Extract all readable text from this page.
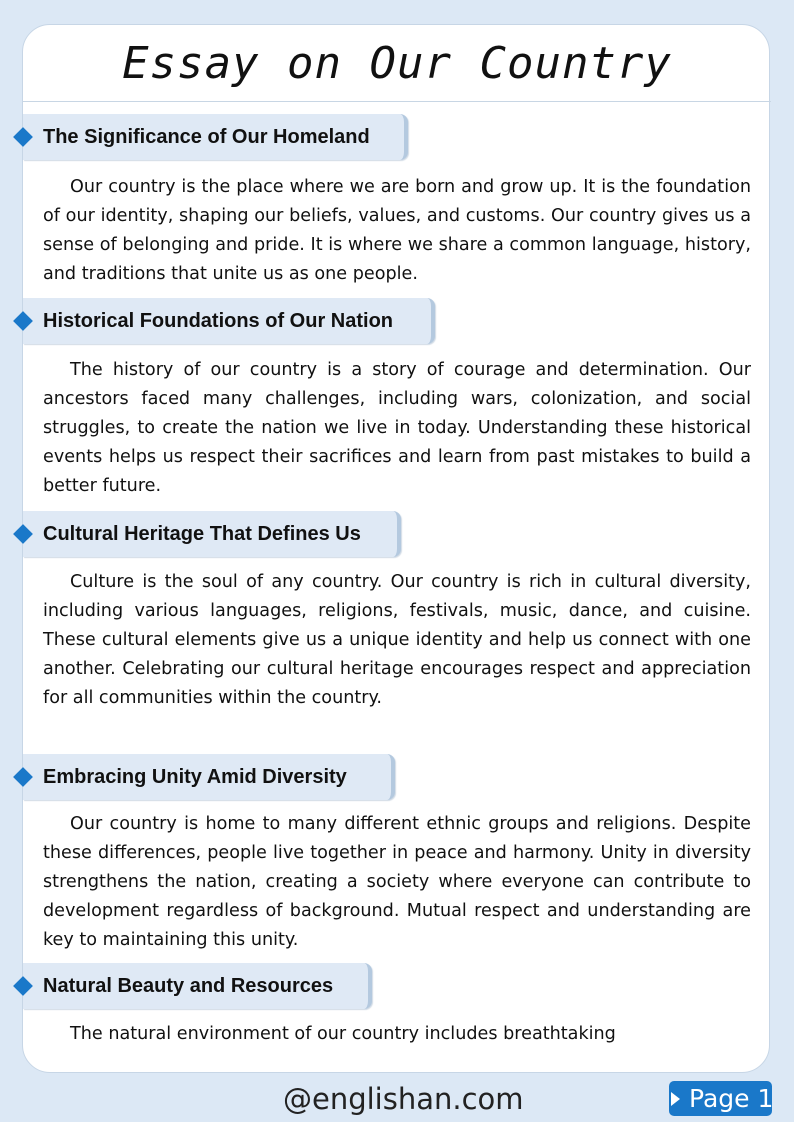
Essay on Our Country
The Significance of Our Homeland

Our country is the place where we are born and grow up. It is the foundation of our identity, shaping our beliefs, values, and customs. Our country gives us a sense of belonging and pride. It is where we share a common language, history, and traditions that unite us as one people.

Historical Foundations of Our Nation

The history of our country is a story of courage and determination. Our ancestors faced many challenges, including wars, colonization, and social struggles, to create the nation we live in today. Understanding these historical events helps us respect their sacrifices and learn from past mistakes to build a better future.

Cultural Heritage That Defines Us

Culture is the soul of any country. Our country is rich in cultural diversity, including various languages, religions, festivals, music, dance, and cuisine. These cultural elements give us a unique identity and help us connect with one another. Celebrating our cultural heritage encourages respect and appreciation for all communities within the country.

Embracing Unity Amid Diversity

Our country is home to many different ethnic groups and religions. Despite these differences, people live together in peace and harmony. Unity in diversity strengthens the nation, creating a society where everyone can contribute to development regardless of background. Mutual respect and understanding are key to maintaining this unity.

Natural Beauty and Resources

The natural environment of our country includes breathtaking

@englishan.com	Page 1
